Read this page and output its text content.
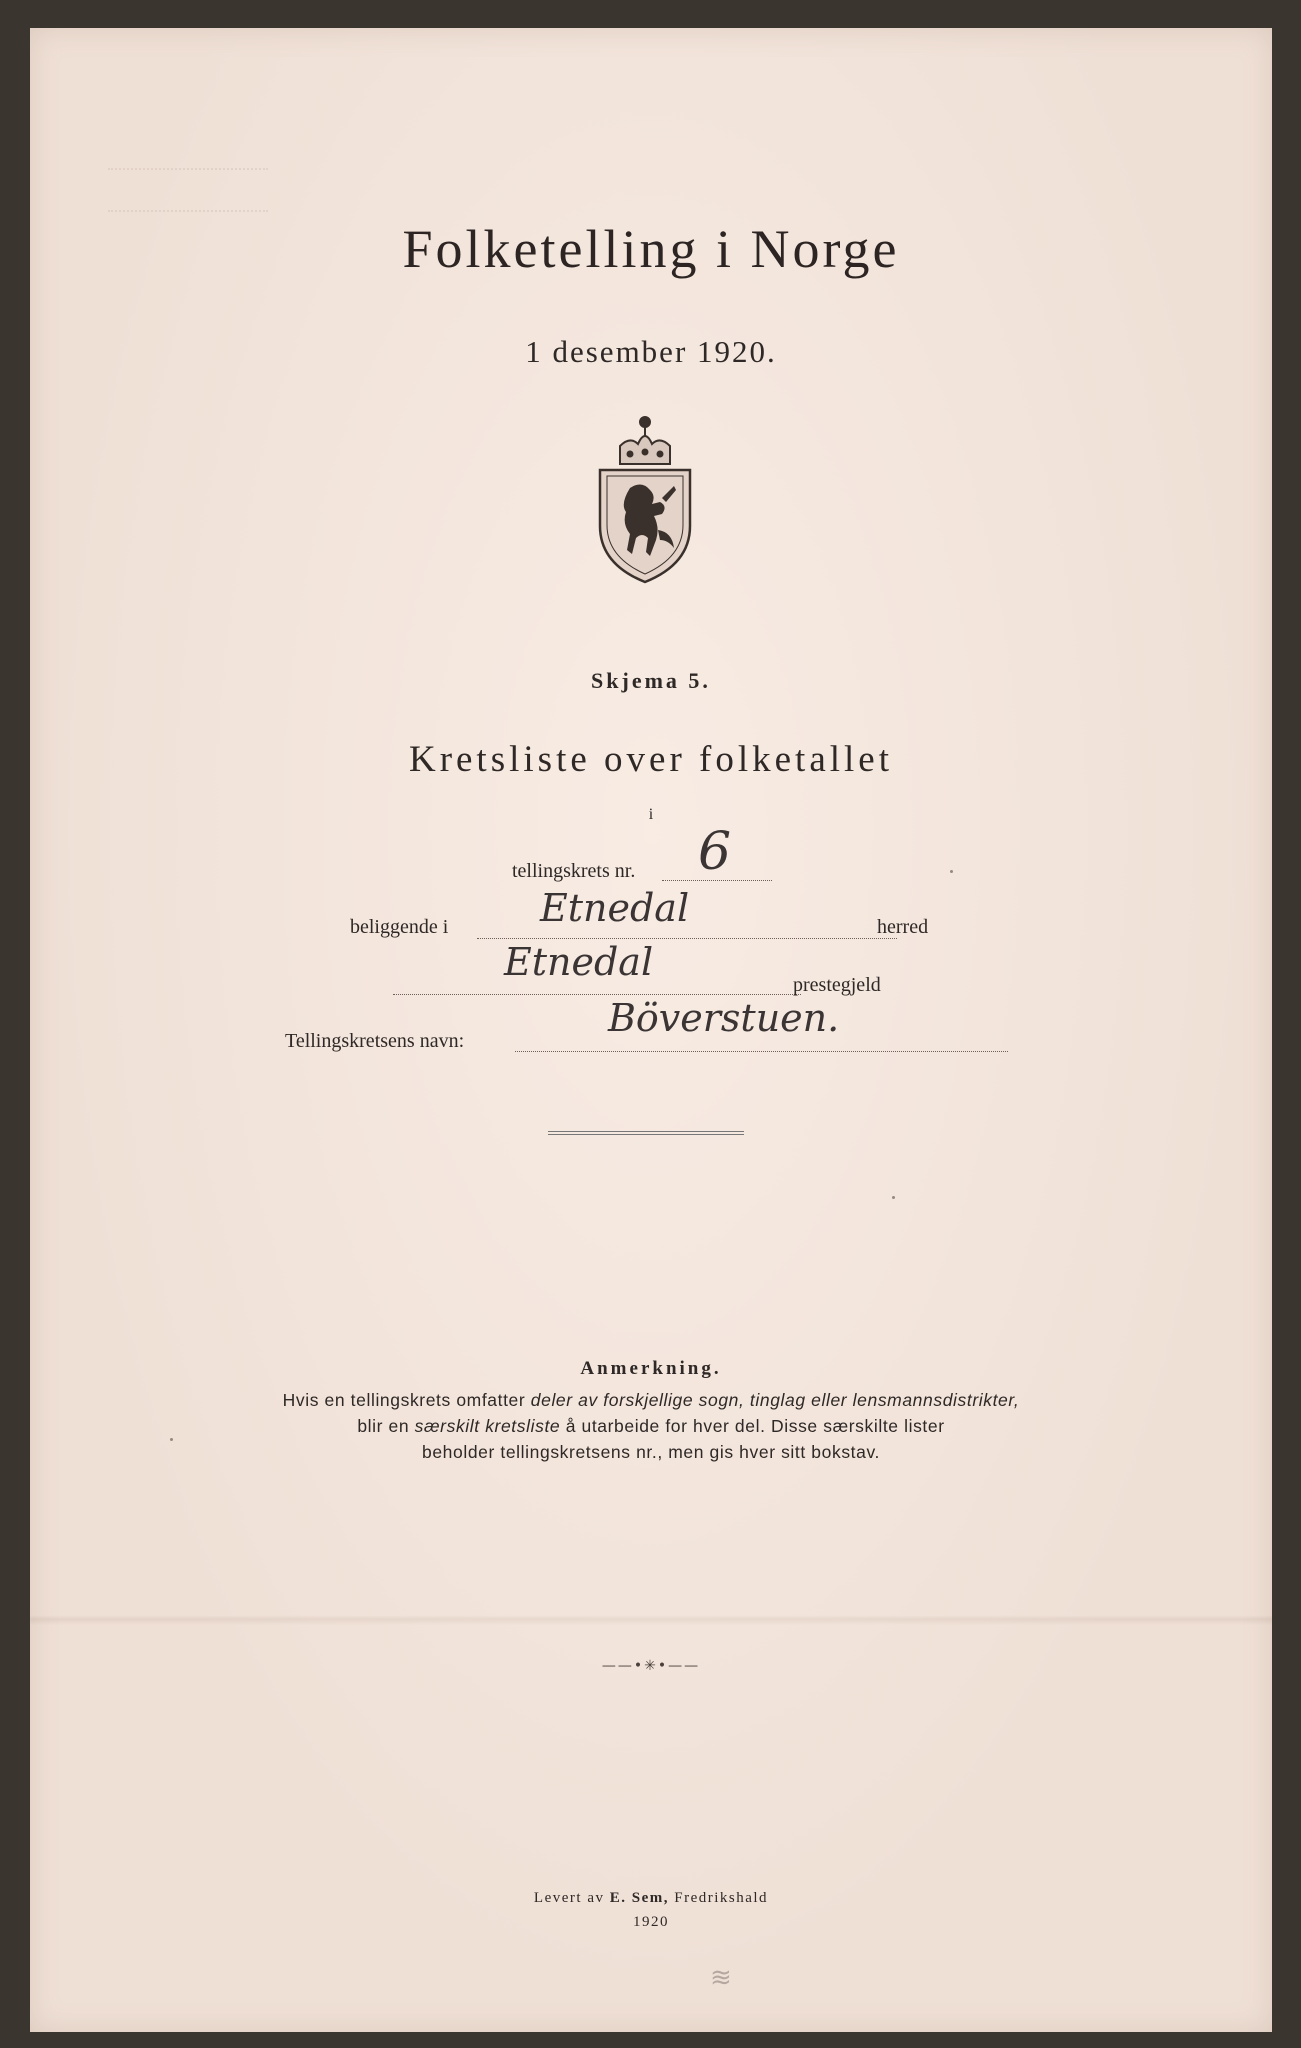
Folketelling i Norge
1 desember 1920.
Skjema 5.
Kretsliste over folketallet
i
tellingskrets nr. 6
beliggende i Etnedal	herred
Etnedal
prestegjeld
Tellingskretsens navn:
Böverstuen.
Anmerkning.
Hvis en tellingskrets omfatter deler av forskjellige sogn, tinglag eller lensmannsdistrikter,
blir en særskilt kretsliste å utarbeide for hver del. Disse særskilte lister
beholder tellingskretsens nr., men gis hver sitt bokstav.
——•✳•——
Levert av E. Sem, Fredrikshald
1920
≋
